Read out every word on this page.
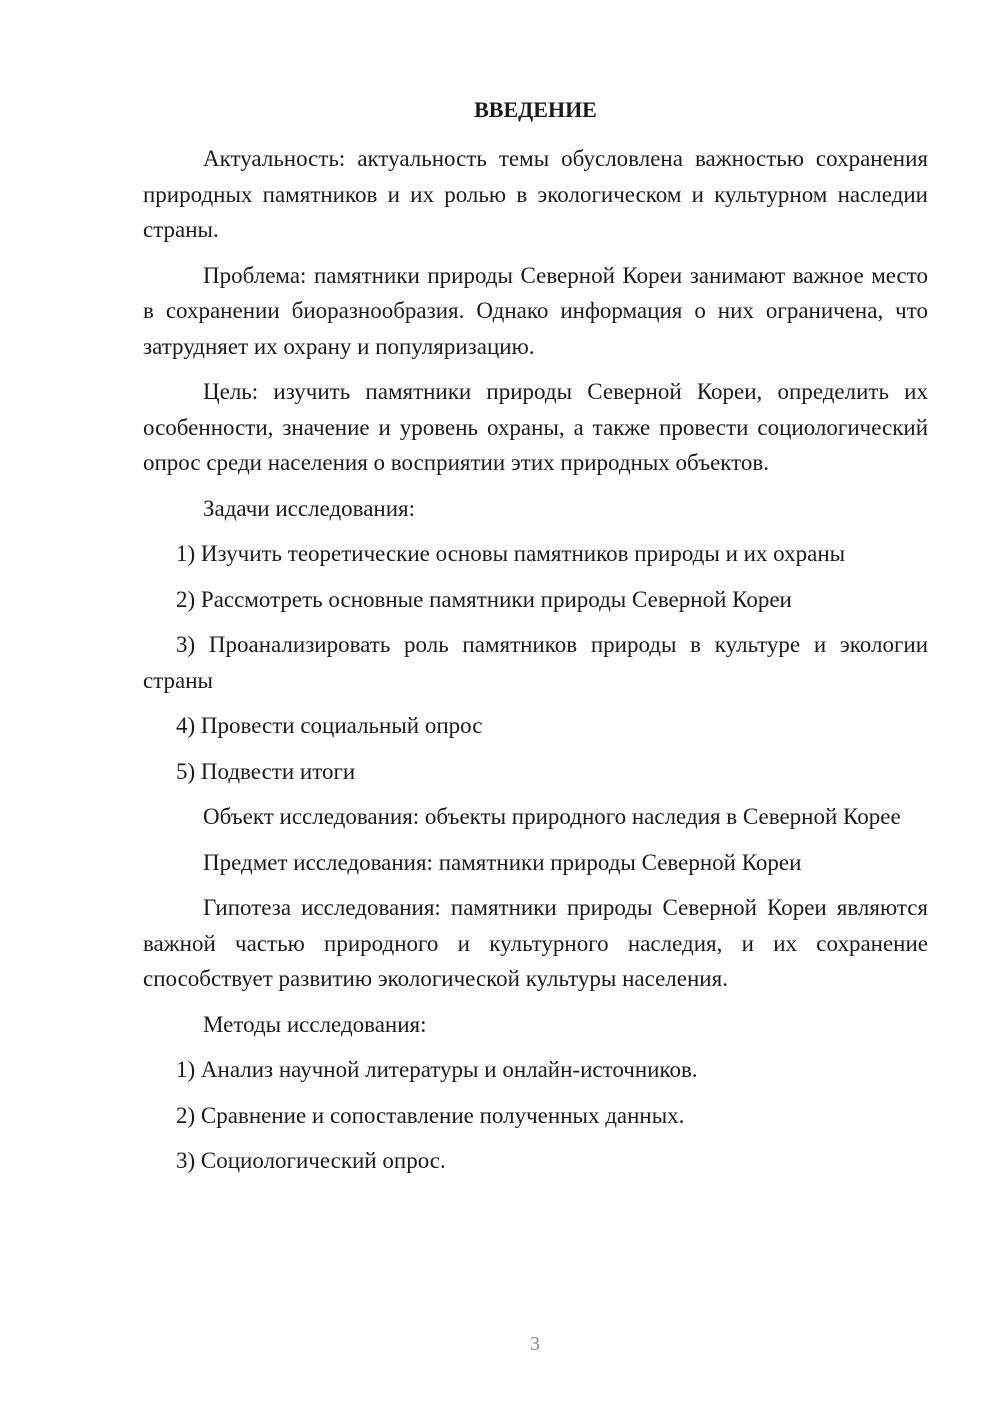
ВВЕДЕНИЕ

Актуальность: актуальность темы обусловлена важностью сохранения природных памятников и их ролью в экологическом и культурном наследии страны.

Проблема: памятники природы Северной Кореи занимают важное место в сохранении биоразнообразия. Однако информация о них ограничена, что затрудняет их охрану и популяризацию.

Цель: изучить памятники природы Северной Кореи, определить их особенности, значение и уровень охраны, а также провести социологический опрос среди населения о восприятии этих природных объектов.

Задачи исследования:

1) Изучить теоретические основы памятников природы и их охраны

2) Рассмотреть основные памятники природы Северной Кореи

3) Проанализировать роль памятников природы в культуре и экологии страны

4) Провести социальный опрос

5) Подвести итоги

Объект исследования: объекты природного наследия в Северной Корее

Предмет исследования: памятники природы Северной Кореи

Гипотеза исследования: памятники природы Северной Кореи являются важной частью природного и культурного наследия, и их сохранение способствует развитию экологической культуры населения.

Методы исследования:

1) Анализ научной литературы и онлайн-источников.

2) Сравнение и сопоставление полученных данных.

3) Социологический опрос.

3
